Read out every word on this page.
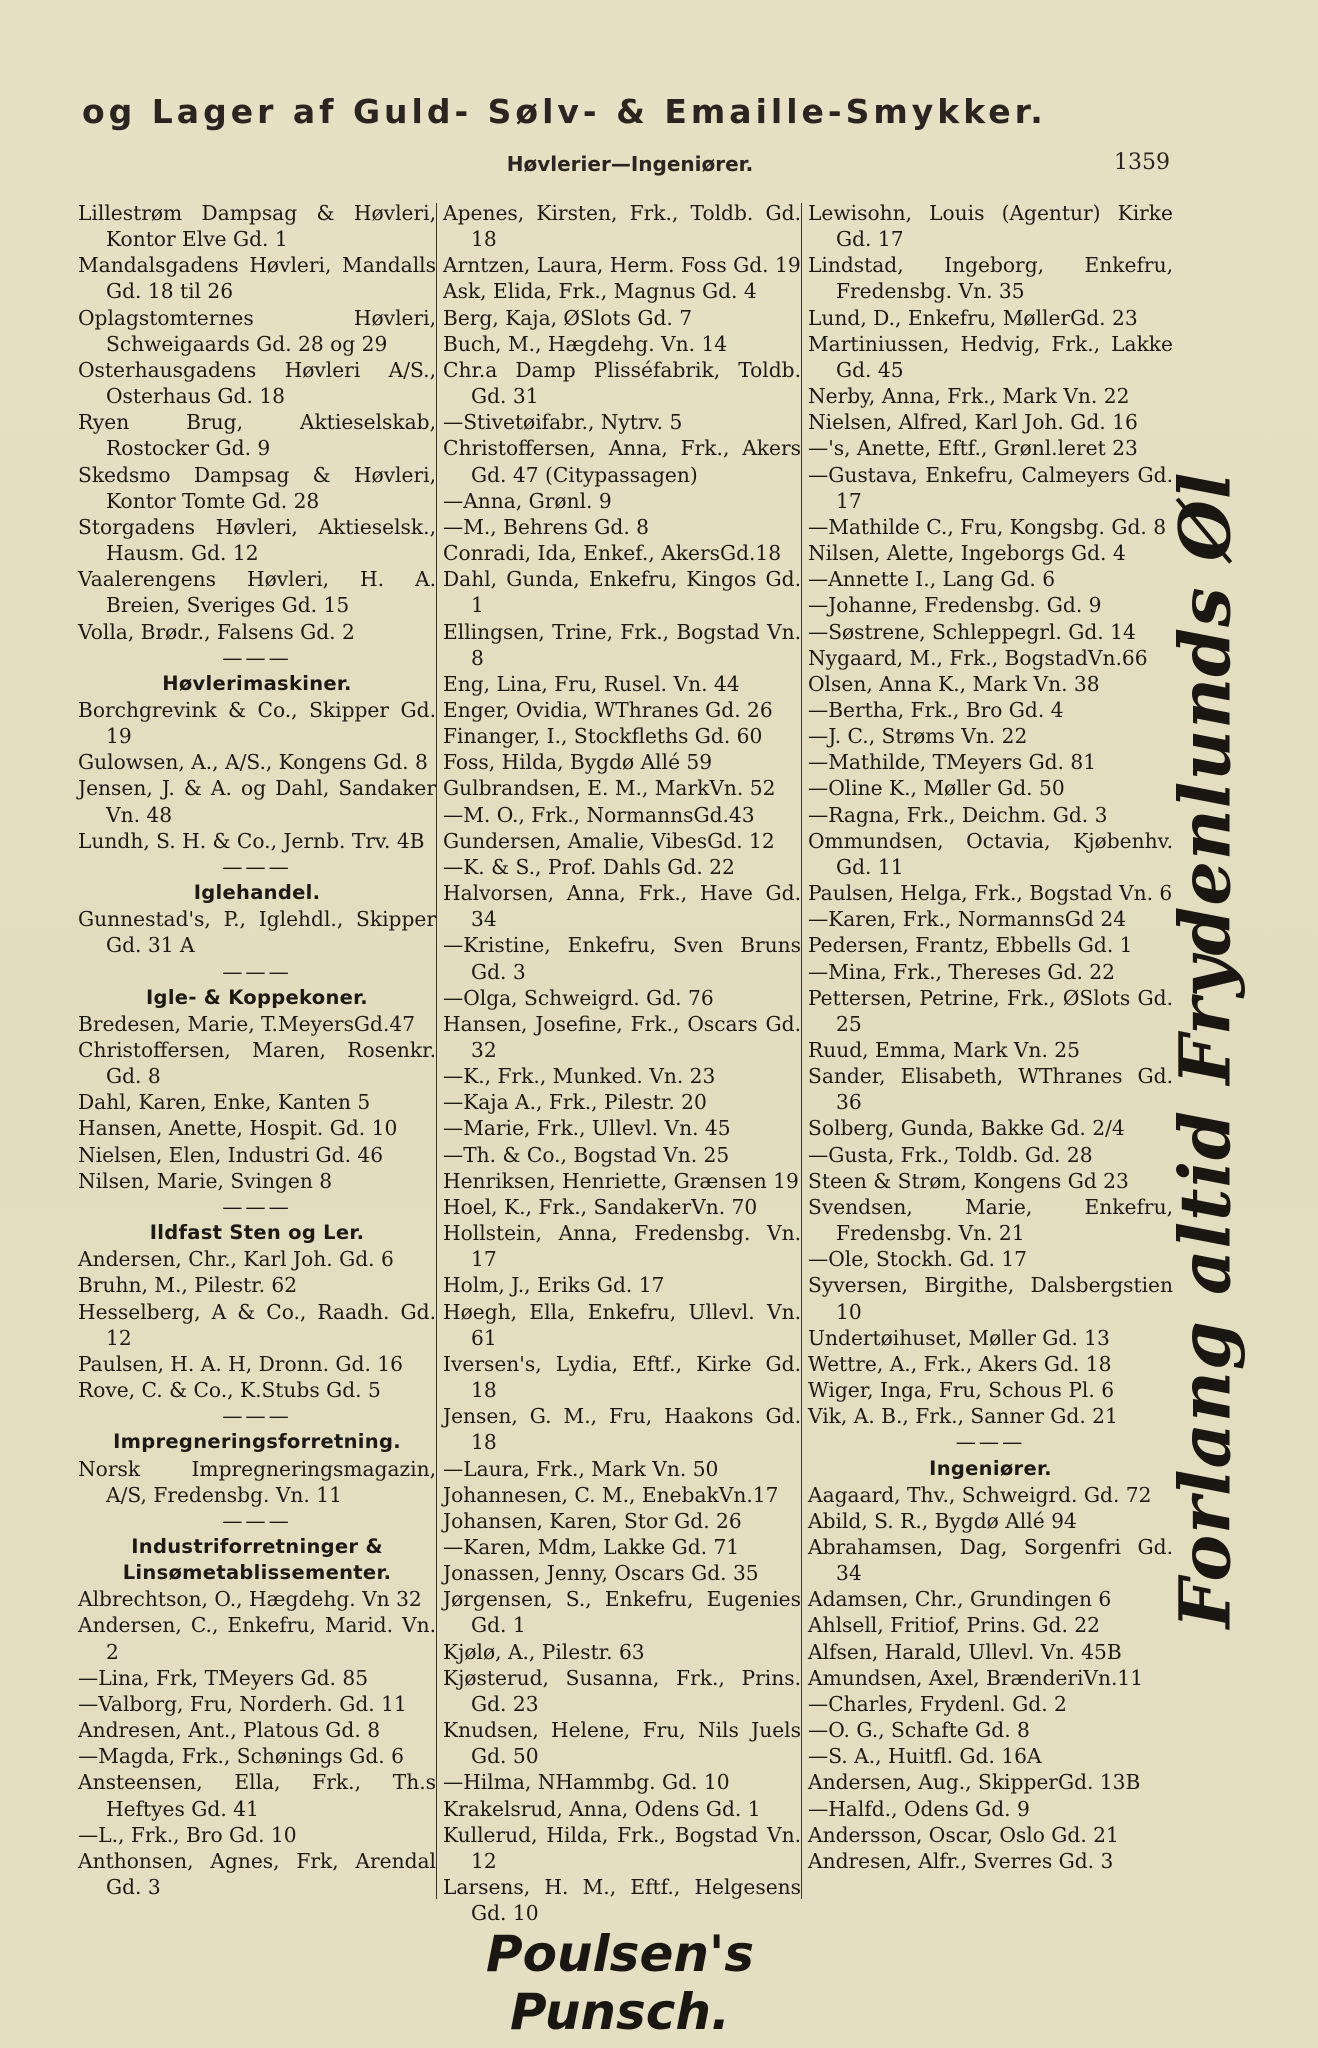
og Lager af Guld- Sølv- & Emaille-Smykker.
Høvlerier—Ingeniører.	1359
Lillestrøm Dampsag & Høvleri, Kontor Elve Gd. 1
Mandalsgadens Høvleri, Mandalls Gd. 18 til 26
Oplagstomternes Høvleri, Schweigaards Gd. 28 og 29
Osterhausgadens Høvleri A/S., Osterhaus Gd. 18
Ryen Brug, Aktieselskab, Rostocker Gd. 9
Skedsmo Dampsag & Høvleri, Kontor Tomte Gd. 28
Storgadens Høvleri, Aktieselsk., Hausm. Gd. 12
Vaalerengens Høvleri, H. A. Breien, Sveriges Gd. 15
Volla, Brødr., Falsens Gd. 2
———
Høvlerimaskiner.
Borchgrevink & Co., Skipper Gd. 19
Gulowsen, A., A/S., Kongens Gd. 8
Jensen, J. & A. og Dahl, Sandaker Vn. 48
Lundh, S. H. & Co., Jernb. Trv. 4B
———
Iglehandel.
Gunnestad's, P., Iglehdl., Skipper Gd. 31 A
———
Igle- & Koppekoner.
Bredesen, Marie, T.MeyersGd.47
Christoffersen, Maren, Rosenkr. Gd. 8
Dahl, Karen, Enke, Kanten 5
Hansen, Anette, Hospit. Gd. 10
Nielsen, Elen, Industri Gd. 46
Nilsen, Marie, Svingen 8
———
Ildfast Sten og Ler.
Andersen, Chr., Karl Joh. Gd. 6
Bruhn, M., Pilestr. 62
Hesselberg, A & Co., Raadh. Gd. 12
Paulsen, H. A. H, Dronn. Gd. 16
Rove, C. & Co., K.Stubs Gd. 5
———
Impregneringsforretning.
Norsk Impregneringsmagazin, A/S, Fredensbg. Vn. 11
———
Industriforretninger & Linsømetablissementer.
Albrechtson, O., Hægdehg. Vn 32
Andersen, C., Enkefru, Marid. Vn. 2
—Lina, Frk, TMeyers Gd. 85
—Valborg, Fru, Norderh. Gd. 11
Andresen, Ant., Platous Gd. 8
—Magda, Frk., Schønings Gd. 6
Ansteensen, Ella, Frk., Th.s Heftyes Gd. 41
—L., Frk., Bro Gd. 10
Anthonsen, Agnes, Frk, Arendal Gd. 3
Apenes, Kirsten, Frk., Toldb. Gd. 18
Arntzen, Laura, Herm. Foss Gd. 19
Ask, Elida, Frk., Magnus Gd. 4
Berg, Kaja, ØSlots Gd. 7
Buch, M., Hægdehg. Vn. 14
Chr.a Damp Plisséfabrik, Toldb. Gd. 31
—Stivetøifabr., Nytrv. 5
Christoffersen, Anna, Frk., Akers Gd. 47 (Citypassagen)
—Anna, Grønl. 9
—M., Behrens Gd. 8
Conradi, Ida, Enkef., AkersGd.18
Dahl, Gunda, Enkefru, Kingos Gd. 1
Ellingsen, Trine, Frk., Bogstad Vn. 8
Eng, Lina, Fru, Rusel. Vn. 44
Enger, Ovidia, WThranes Gd. 26
Finanger, I., Stockfleths Gd. 60
Foss, Hilda, Bygdø Allé 59
Gulbrandsen, E. M., MarkVn. 52
—M. O., Frk., NormannsGd.43
Gundersen, Amalie, VibesGd. 12
—K. & S., Prof. Dahls Gd. 22
Halvorsen, Anna, Frk., Have Gd. 34
—Kristine, Enkefru, Sven Bruns Gd. 3
—Olga, Schweigrd. Gd. 76
Hansen, Josefine, Frk., Oscars Gd. 32
—K., Frk., Munked. Vn. 23
—Kaja A., Frk., Pilestr. 20
—Marie, Frk., Ullevl. Vn. 45
—Th. & Co., Bogstad Vn. 25
Henriksen, Henriette, Grænsen 19
Hoel, K., Frk., SandakerVn. 70
Hollstein, Anna, Fredensbg. Vn. 17
Holm, J., Eriks Gd. 17
Høegh, Ella, Enkefru, Ullevl. Vn. 61
Iversen's, Lydia, Eftf., Kirke Gd. 18
Jensen, G. M., Fru, Haakons Gd. 18
—Laura, Frk., Mark Vn. 50
Johannesen, C. M., EnebakVn.17
Johansen, Karen, Stor Gd. 26
—Karen, Mdm, Lakke Gd. 71
Jonassen, Jenny, Oscars Gd. 35
Jørgensen, S., Enkefru, Eugenies Gd. 1
Kjølø, A., Pilestr. 63
Kjøsterud, Susanna, Frk., Prins. Gd. 23
Knudsen, Helene, Fru, Nils Juels Gd. 50
—Hilma, NHammbg. Gd. 10
Krakelsrud, Anna, Odens Gd. 1
Kullerud, Hilda, Frk., Bogstad Vn. 12
Larsens, H. M., Eftf., Helgesens Gd. 10
Lewisohn, Louis (Agentur) Kirke Gd. 17
Lindstad, Ingeborg, Enkefru, Fredensbg. Vn. 35
Lund, D., Enkefru, MøllerGd. 23
Martiniussen, Hedvig, Frk., Lakke Gd. 45
Nerby, Anna, Frk., Mark Vn. 22
Nielsen, Alfred, Karl Joh. Gd. 16
—'s, Anette, Eftf., Grønl.leret 23
—Gustava, Enkefru, Calmeyers Gd. 17
—Mathilde C., Fru, Kongsbg. Gd. 8
Nilsen, Alette, Ingeborgs Gd. 4
—Annette I., Lang Gd. 6
—Johanne, Fredensbg. Gd. 9
—Søstrene, Schleppegrl. Gd. 14
Nygaard, M., Frk., BogstadVn.66
Olsen, Anna K., Mark Vn. 38
—Bertha, Frk., Bro Gd. 4
—J. C., Strøms Vn. 22
—Mathilde, TMeyers Gd. 81
—Oline K., Møller Gd. 50
—Ragna, Frk., Deichm. Gd. 3
Ommundsen, Octavia, Kjøbenhv. Gd. 11
Paulsen, Helga, Frk., Bogstad Vn. 6
—Karen, Frk., NormannsGd 24
Pedersen, Frantz, Ebbells Gd. 1
—Mina, Frk., Thereses Gd. 22
Pettersen, Petrine, Frk., ØSlots Gd. 25
Ruud, Emma, Mark Vn. 25
Sander, Elisabeth, WThranes Gd. 36
Solberg, Gunda, Bakke Gd. 2/4
—Gusta, Frk., Toldb. Gd. 28
Steen & Strøm, Kongens Gd 23
Svendsen, Marie, Enkefru, Fredensbg. Vn. 21
—Ole, Stockh. Gd. 17
Syversen, Birgithe, Dalsbergstien 10
Undertøihuset, Møller Gd. 13
Wettre, A., Frk., Akers Gd. 18
Wiger, Inga, Fru, Schous Pl. 6
Vik, A. B., Frk., Sanner Gd. 21
———
Ingeniører.
Aagaard, Thv., Schweigrd. Gd. 72
Abild, S. R., Bygdø Allé 94
Abrahamsen, Dag, Sorgenfri Gd. 34
Adamsen, Chr., Grundingen 6
Ahlsell, Fritiof, Prins. Gd. 22
Alfsen, Harald, Ullevl. Vn. 45B
Amundsen, Axel, BrænderiVn.11
—Charles, Frydenl. Gd. 2
—O. G., Schafte Gd. 8
—S. A., Huitfl. Gd. 16A
Andersen, Aug., SkipperGd. 13B
—Halfd., Odens Gd. 9
Andersson, Oscar, Oslo Gd. 21
Andresen, Alfr., Sverres Gd. 3
Forlang altid Frydenlunds Øl
Poulsen's Punsch.
